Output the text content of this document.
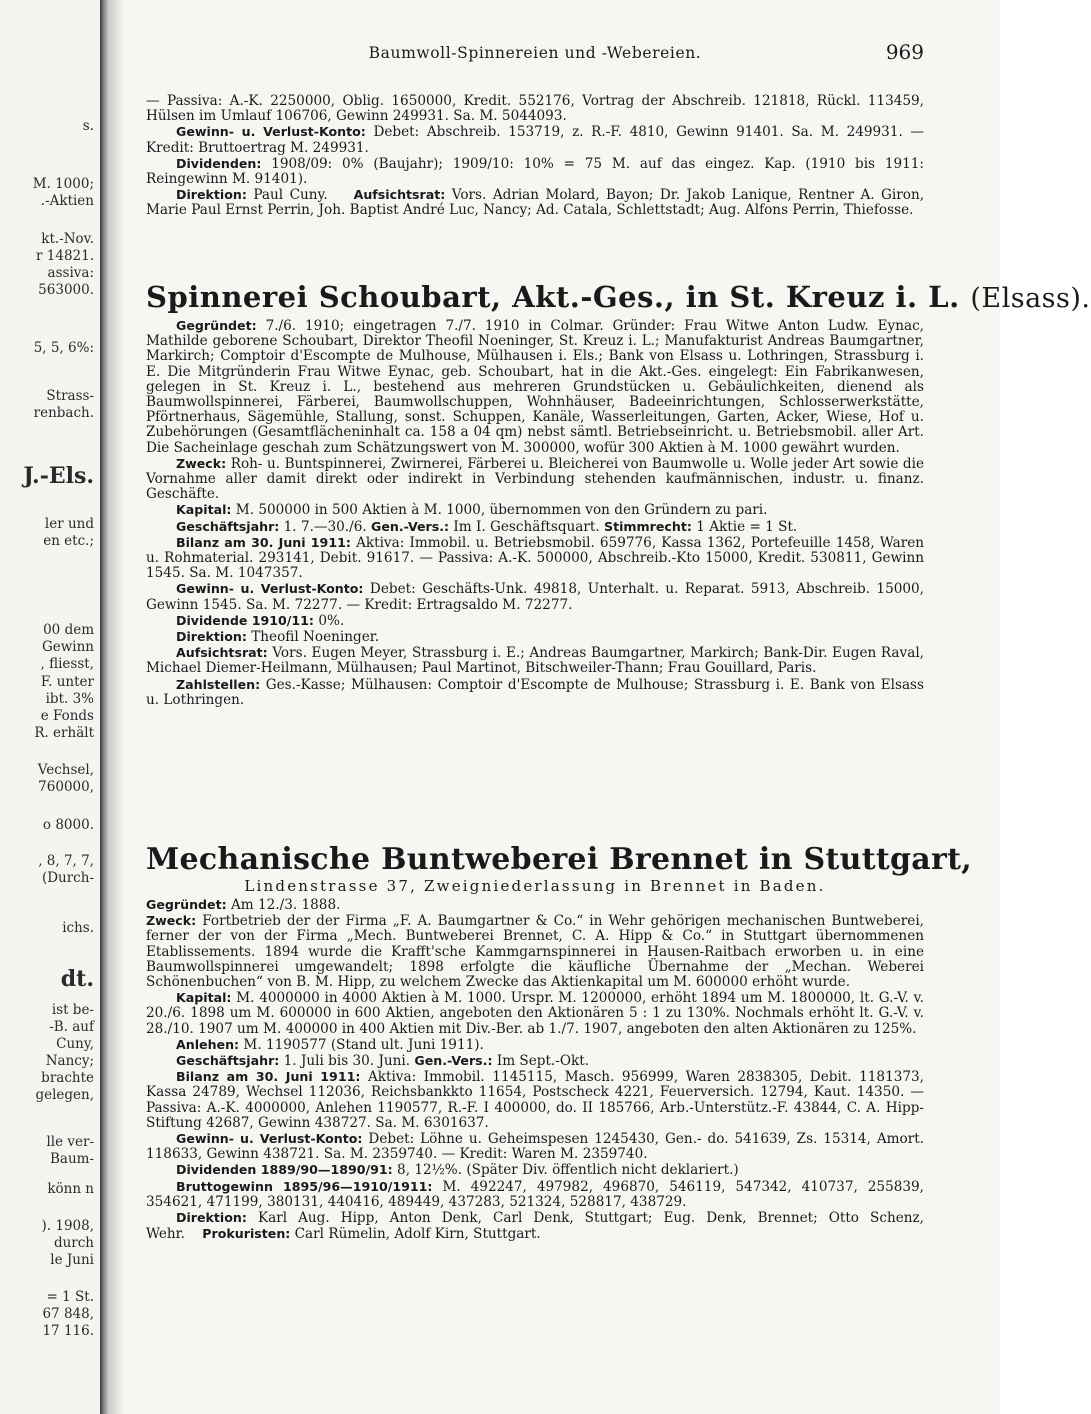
s.
M. 1000;
.-Aktien
kt.-Nov.
r 14821.
assiva:
563000.
5, 5, 6%:
Strass-
renbach.
J.-Els.
ler und
en etc.;
00 dem
Gewinn
, fliesst,
F. unter
ibt. 3%
e Fonds
R. erhält
Vechsel,
760000,
o 8000.
, 8, 7, 7,
(Durch-
ichs.
dt.
ist be-
-B. auf
Cuny,
Nancy;
brachte
gelegen,
lle ver-
Baum-
könn n
). 1908,
durch
le Juni
= 1 St.
67 848,
17 116.
Baumwoll-Spinnereien und -Webereien.	969

— Passiva: A.-K. 2250000, Oblig. 1650000, Kredit. 552176, Vortrag der Abschreib. 121818, Rückl. 113459, Hülsen im Umlauf 106706, Gewinn 249931. Sa. M. 5044093.

Gewinn- u. Verlust-Konto: Debet: Abschreib. 153719, z. R.-F. 4810, Gewinn 91401. Sa. M. 249931. — Kredit: Bruttoertrag M. 249931.

Dividenden: 1908/09: 0% (Baujahr); 1909/10: 10% = 75 M. auf das eingez. Kap. (1910 bis 1911: Reingewinn M. 91401).

Direktion: Paul Cuny. Aufsichtsrat: Vors. Adrian Molard, Bayon; Dr. Jakob Lanique, Rentner A. Giron, Marie Paul Ernst Perrin, Joh. Baptist André Luc, Nancy; Ad. Catala, Schlettstadt; Aug. Alfons Perrin, Thiefosse.

Spinnerei Schoubart, Akt.-Ges., in St. Kreuz i. L. (Elsass).

Gegründet: 7./6. 1910; eingetragen 7./7. 1910 in Colmar. Gründer: Frau Witwe Anton Ludw. Eynac, Mathilde geborene Schoubart, Direktor Theofil Noeninger, St. Kreuz i. L.; Manufakturist Andreas Baumgartner, Markirch; Comptoir d'Escompte de Mulhouse, Mülhausen i. Els.; Bank von Elsass u. Lothringen, Strassburg i. E. Die Mitgründerin Frau Witwe Eynac, geb. Schoubart, hat in die Akt.-Ges. eingelegt: Ein Fabrikanwesen, gelegen in St. Kreuz i. L., bestehend aus mehreren Grundstücken u. Gebäulichkeiten, dienend als Baumwollspinnerei, Färberei, Baumwollschuppen, Wohnhäuser, Badeeinrichtungen, Schlosserwerkstätte, Pförtnerhaus, Sägemühle, Stallung, sonst. Schuppen, Kanäle, Wasserleitungen, Garten, Acker, Wiese, Hof u. Zubehörungen (Gesamtflächeninhalt ca. 158 a 04 qm) nebst sämtl. Betriebseinricht. u. Betriebsmobil. aller Art. Die Sacheinlage geschah zum Schätzungswert von M. 300000, wofür 300 Aktien à M. 1000 gewährt wurden.

Zweck: Roh- u. Buntspinnerei, Zwirnerei, Färberei u. Bleicherei von Baumwolle u. Wolle jeder Art sowie die Vornahme aller damit direkt oder indirekt in Verbindung stehenden kaufmännischen, industr. u. finanz. Geschäfte.

Kapital: M. 500000 in 500 Aktien à M. 1000, übernommen von den Gründern zu pari.

Geschäftsjahr: 1. 7.—30./6. Gen.-Vers.: Im I. Geschäftsquart. Stimmrecht: 1 Aktie = 1 St.

Bilanz am 30. Juni 1911: Aktiva: Immobil. u. Betriebsmobil. 659776, Kassa 1362, Portefeuille 1458, Waren u. Rohmaterial. 293141, Debit. 91617. — Passiva: A.-K. 500000, Abschreib.-Kto 15000, Kredit. 530811, Gewinn 1545. Sa. M. 1047357.

Gewinn- u. Verlust-Konto: Debet: Geschäfts-Unk. 49818, Unterhalt. u. Reparat. 5913, Abschreib. 15000, Gewinn 1545. Sa. M. 72277. — Kredit: Ertragsaldo M. 72277.

Dividende 1910/11: 0%.

Direktion: Theofil Noeninger.

Aufsichtsrat: Vors. Eugen Meyer, Strassburg i. E.; Andreas Baumgartner, Markirch; Bank-Dir. Eugen Raval, Michael Diemer-Heilmann, Mülhausen; Paul Martinot, Bitschweiler-Thann; Frau Gouillard, Paris.

Zahlstellen: Ges.-Kasse; Mülhausen: Comptoir d'Escompte de Mulhouse; Strassburg i. E. Bank von Elsass u. Lothringen.

Mechanische Buntweberei Brennet in Stuttgart,

Lindenstrasse 37, Zweigniederlassung in Brennet in Baden.

Gegründet: Am 12./3. 1888.

Zweck: Fortbetrieb der der Firma „F. A. Baumgartner & Co.“ in Wehr gehörigen mechanischen Buntweberei, ferner der von der Firma „Mech. Buntweberei Brennet, C. A. Hipp & Co.“ in Stuttgart übernommenen Etablissements. 1894 wurde die Krafft'sche Kammgarnspinnerei in Hausen-Raitbach erworben u. in eine Baumwollspinnerei umgewandelt; 1898 erfolgte die käufliche Übernahme der „Mechan. Weberei Schönenbuchen“ von B. M. Hipp, zu welchem Zwecke das Aktienkapital um M. 600000 erhöht wurde.

Kapital: M. 4000000 in 4000 Aktien à M. 1000. Urspr. M. 1200000, erhöht 1894 um M. 1800000, lt. G.-V. v. 20./6. 1898 um M. 600000 in 600 Aktien, angeboten den Aktionären 5 : 1 zu 130%. Nochmals erhöht lt. G.-V. v. 28./10. 1907 um M. 400000 in 400 Aktien mit Div.-Ber. ab 1./7. 1907, angeboten den alten Aktionären zu 125%.

Anlehen: M. 1190577 (Stand ult. Juni 1911).

Geschäftsjahr: 1. Juli bis 30. Juni. Gen.-Vers.: Im Sept.-Okt.

Bilanz am 30. Juni 1911: Aktiva: Immobil. 1145115, Masch. 956999, Waren 2838305, Debit. 1181373, Kassa 24789, Wechsel 112036, Reichsbankkto 11654, Postscheck 4221, Feuerversich. 12794, Kaut. 14350. — Passiva: A.-K. 4000000, Anlehen 1190577, R.-F. I 400000, do. II 185766, Arb.-Unterstütz.-F. 43844, C. A. Hipp-Stiftung 42687, Gewinn 438727. Sa. M. 6301637.

Gewinn- u. Verlust-Konto: Debet: Löhne u. Geheimspesen 1245430, Gen.- do. 541639, Zs. 15314, Amort. 118633, Gewinn 438721. Sa. M. 2359740. — Kredit: Waren M. 2359740.

Dividenden 1889/90—1890/91: 8, 12½%. (Später Div. öffentlich nicht deklariert.)

Bruttogewinn 1895/96—1910/1911: M. 492247, 497982, 496870, 546119, 547342, 410737, 255839, 354621, 471199, 380131, 440416, 489449, 437283, 521324, 528817, 438729.

Direktion: Karl Aug. Hipp, Anton Denk, Carl Denk, Stuttgart; Eug. Denk, Brennet; Otto Schenz, Wehr. Prokuristen: Carl Rümelin, Adolf Kirn, Stuttgart.
